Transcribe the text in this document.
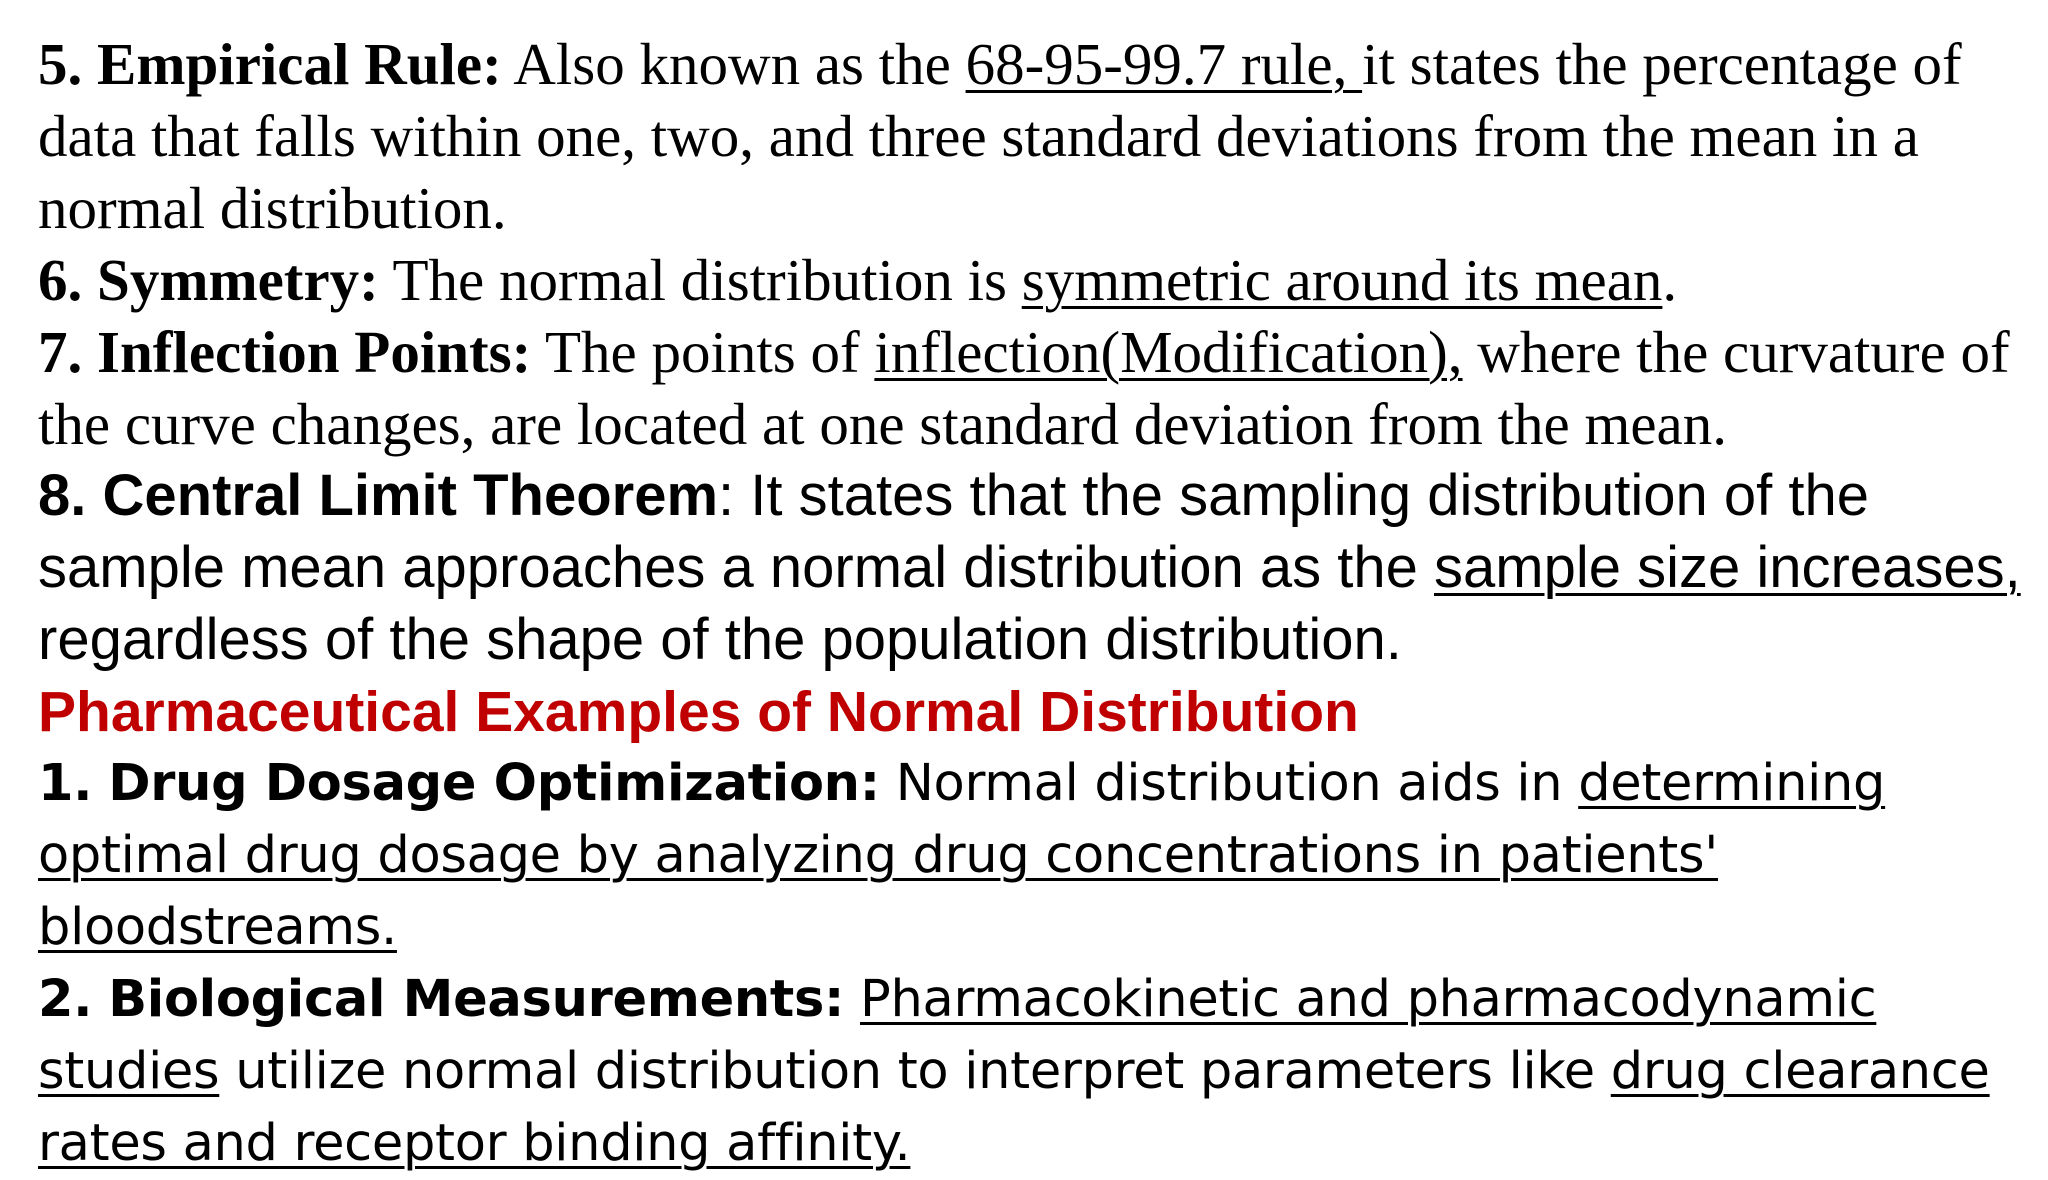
5. Empirical Rule: Also known as the 68-95-99.7 rule, it states the percentage of data that falls within one, two, and three standard deviations from the mean in a normal distribution.

6. Symmetry: The normal distribution is symmetric around its mean.

7. Inflection Points: The points of inflection(Modification), where the curvature of the curve changes, are located at one standard deviation from the mean.

8. Central Limit Theorem: It states that the sampling distribution of the sample mean approaches a normal distribution as the sample size increases, regardless of the shape of the population distribution.

Pharmaceutical Examples of Normal Distribution

1. Drug Dosage Optimization: Normal distribution aids in determining optimal drug dosage by analyzing drug concentrations in patients' bloodstreams.

2. Biological Measurements: Pharmacokinetic and pharmacodynamic studies utilize normal distribution to interpret parameters like drug clearance rates and receptor binding affinity.
